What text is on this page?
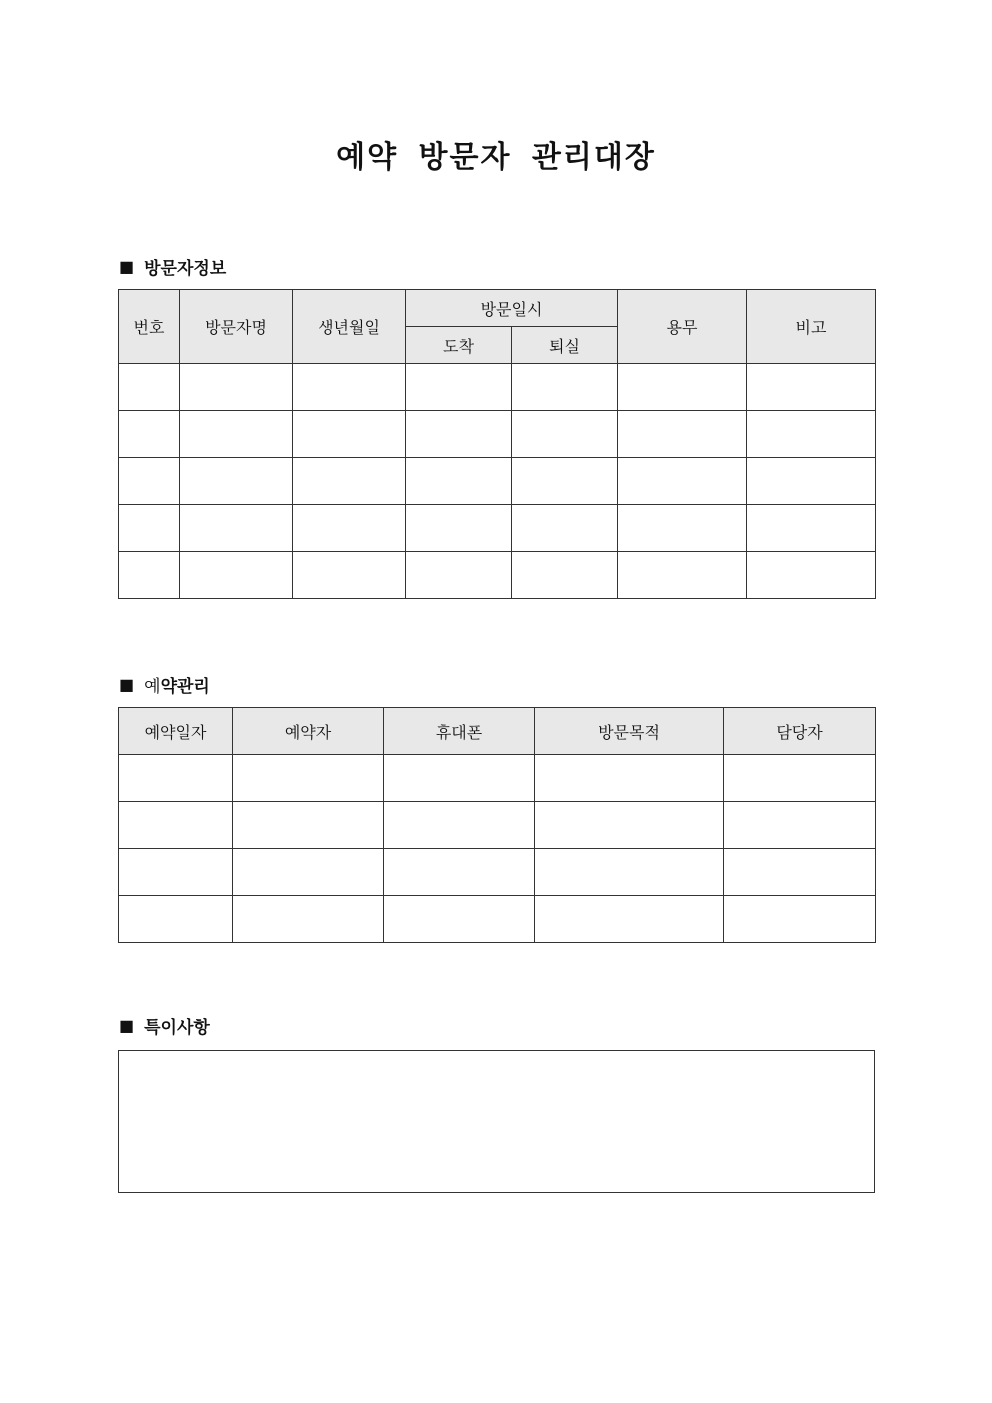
예약 방문자 관리대장
■ 방문자정보
번호	방문자명	생년월일	방문일시		용무	비고
			도착	퇴실		

■ 예약관리
예약일자	예약자	휴대폰	방문목적	담당자

■ 특이사항
